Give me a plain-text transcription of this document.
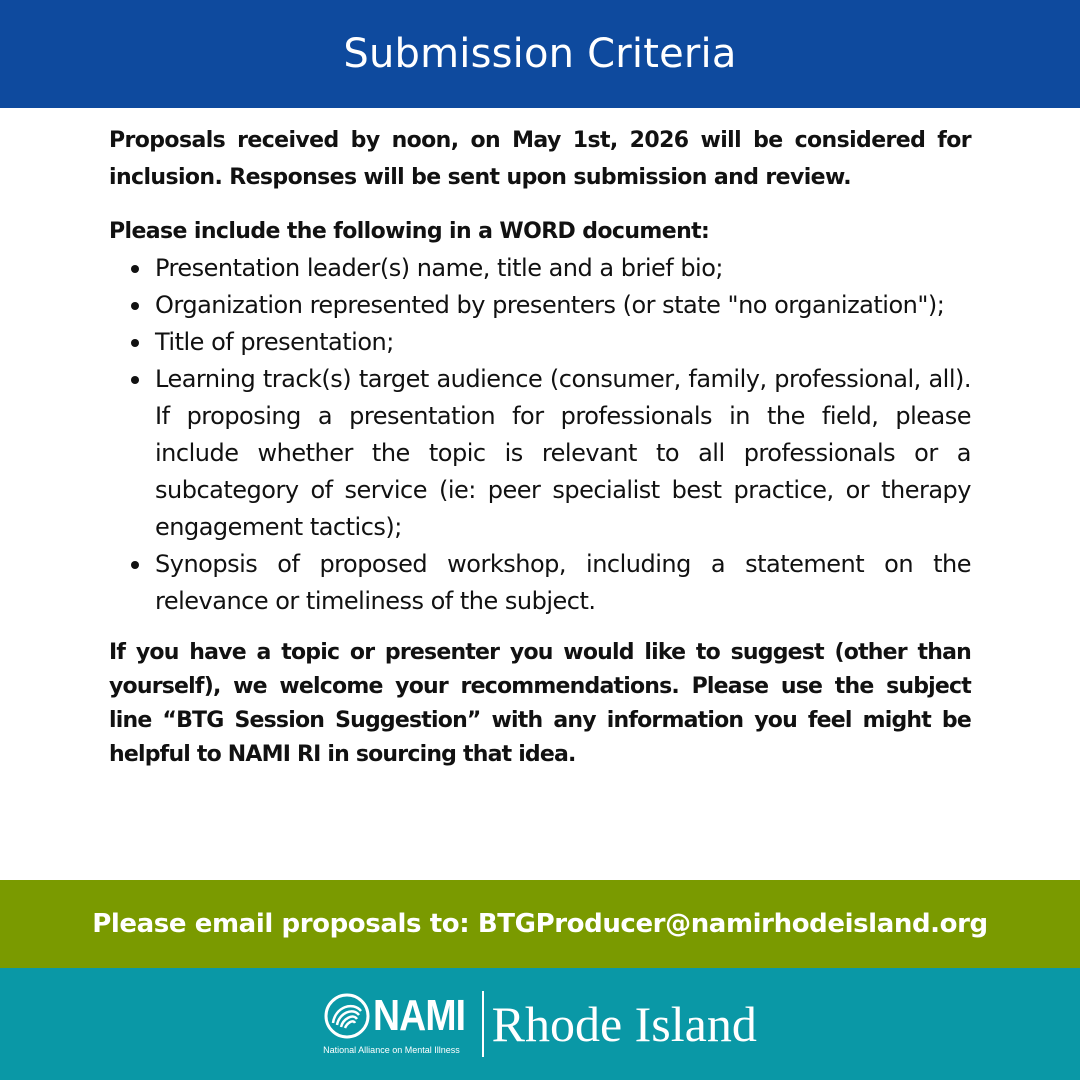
Submission Criteria

Proposals received by noon, on May 1st, 2026 will be considered for inclusion. Responses will be sent upon submission and review.

Please include the following in a WORD document:

Presentation leader(s) name, title and a brief bio;
Organization represented by presenters (or state "no organization");
Title of presentation;
Learning track(s) target audience (consumer, family, professional, all). If proposing a presentation for professionals in the field, please include whether the topic is relevant to all professionals or a subcategory of service (ie: peer specialist best practice, or therapy engagement tactics);
Synopsis of proposed workshop, including a statement on the relevance or timeliness of the subject.

If you have a topic or presenter you would like to suggest (other than yourself), we welcome your recommendations. Please use the subject line “BTG Session Suggestion” with any information you feel might be helpful to NAMI RI in sourcing that idea.

Please email proposals to: BTGProducer@namirhodeisland.org
NAMI
National Alliance on Mental Illness Rhode Island
